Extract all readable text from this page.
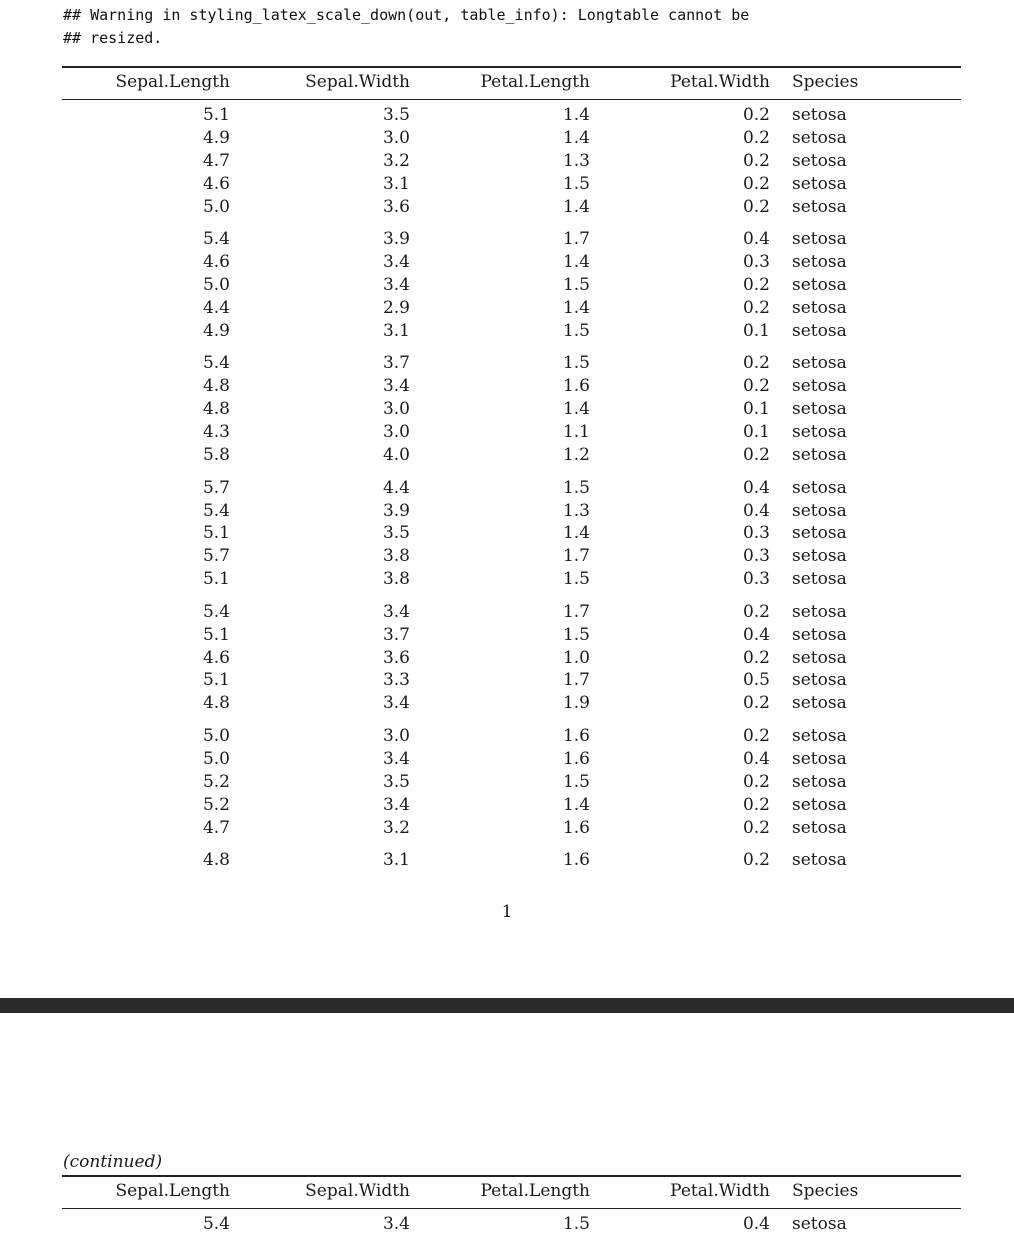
## Warning in styling_latex_scale_down(out, table_info): Longtable cannot be
## resized.
Sepal.Length	Sepal.Width	Petal.Length	Petal.Width Species
5.1	3.5	1.4	0.2 setosa
4.9	3.0	1.4	0.2 setosa
4.7	3.2	1.3	0.2 setosa
4.6	3.1	1.5	0.2 setosa
5.0	3.6	1.4	0.2 setosa
5.4	3.9	1.7	0.4 setosa
4.6	3.4	1.4	0.3 setosa
5.0	3.4	1.5	0.2 setosa
4.4	2.9	1.4	0.2 setosa
4.9	3.1	1.5	0.1 setosa
5.4	3.7	1.5	0.2 setosa
4.8	3.4	1.6	0.2 setosa
4.8	3.0	1.4	0.1 setosa
4.3	3.0	1.1	0.1 setosa
5.8	4.0	1.2	0.2 setosa
5.7	4.4	1.5	0.4 setosa
5.4	3.9	1.3	0.4 setosa
5.1	3.5	1.4	0.3 setosa
5.7	3.8	1.7	0.3 setosa
5.1	3.8	1.5	0.3 setosa
5.4	3.4	1.7	0.2 setosa
5.1	3.7	1.5	0.4 setosa
4.6	3.6	1.0	0.2 setosa
5.1	3.3	1.7	0.5 setosa
4.8	3.4	1.9	0.2 setosa
5.0	3.0	1.6	0.2 setosa
5.0	3.4	1.6	0.4 setosa
5.2	3.5	1.5	0.2 setosa
5.2	3.4	1.4	0.2 setosa
4.7	3.2	1.6	0.2 setosa
4.8	3.1	1.6	0.2 setosa
1
(continued)
Sepal.Length	Sepal.Width	Petal.Length	Petal.Width Species
5.4	3.4	1.5	0.4 setosa
